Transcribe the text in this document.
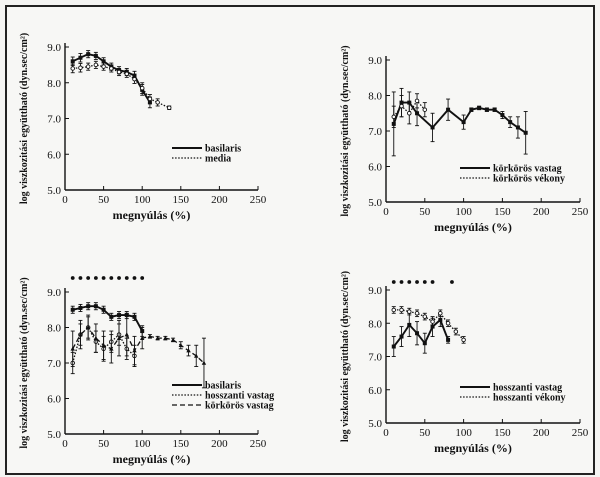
5.0
6.0
7.0
8.0
9.0
0	50 100 150 200 250
megnyúlás (%)
log viszkozitási együttható (dyn.sec/cm²)	basilaris
media
5.0
6.0
7.0
8.0
9.0
0	50 100 150 200 250
megnyúlás (%)
log viszkozitási együttható (dyn.sec/cm²)	körkörös vastag
körkörös vékony
5.0
6.0
7.0
8.0
9.0
0	50 100 150 200 250
megnyúlás (%)
log viszkozitási együttható (dyn.sec/cm²)	basilaris
hosszanti vastag
körkörös vastag
5.0
6.0
7.0
8.0
9.0
0	50 100 150 200 250
megnyúlás (%)
log viszkozitási együttható (dyn.sec/cm²)	hosszanti vastag
hosszanti vékony
